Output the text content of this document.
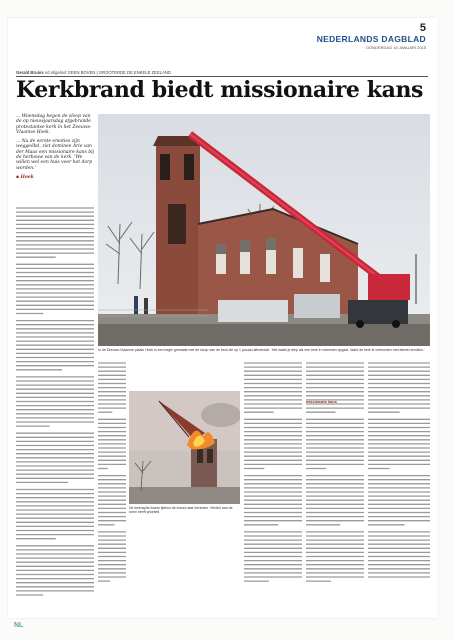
5
NEDERLANDS DAGBLAD
DONDERDAG 15 JANUARI 2015
Gerald Bruins nd.nl/geloof GEEN BOVEN | GROOTERDE DE ENKELE ZEELAND
Kerkbrand biedt missionaire kans

... Woensdag begon de sloop van de op nieuwjaarsdag afgebrande protestantse kerk in het Zeeuws-Vlaamse Hoek.

... Na de eerste emoties zijn weggeëbd, ziet dominee Arie van der Maas een missionaire kans bij de herbouw van de kerk. 'We willen wel een huis voor het dorp worden.'

▪ Hoek
In de Zeeuws-Vlaamse plaats Hoek is een begin gemaakt met de sloop van de kerk die op 1 januari afbrandde. 'Het laatst je diep als een kerk in vlammen opgaat. Want de kerk is verbonden met allerlei emoties.'
De torenspits kwam tijdens de brand naar beneden. Verdiel aan de toren heeft prioriteit.
missionaire kans
NL
